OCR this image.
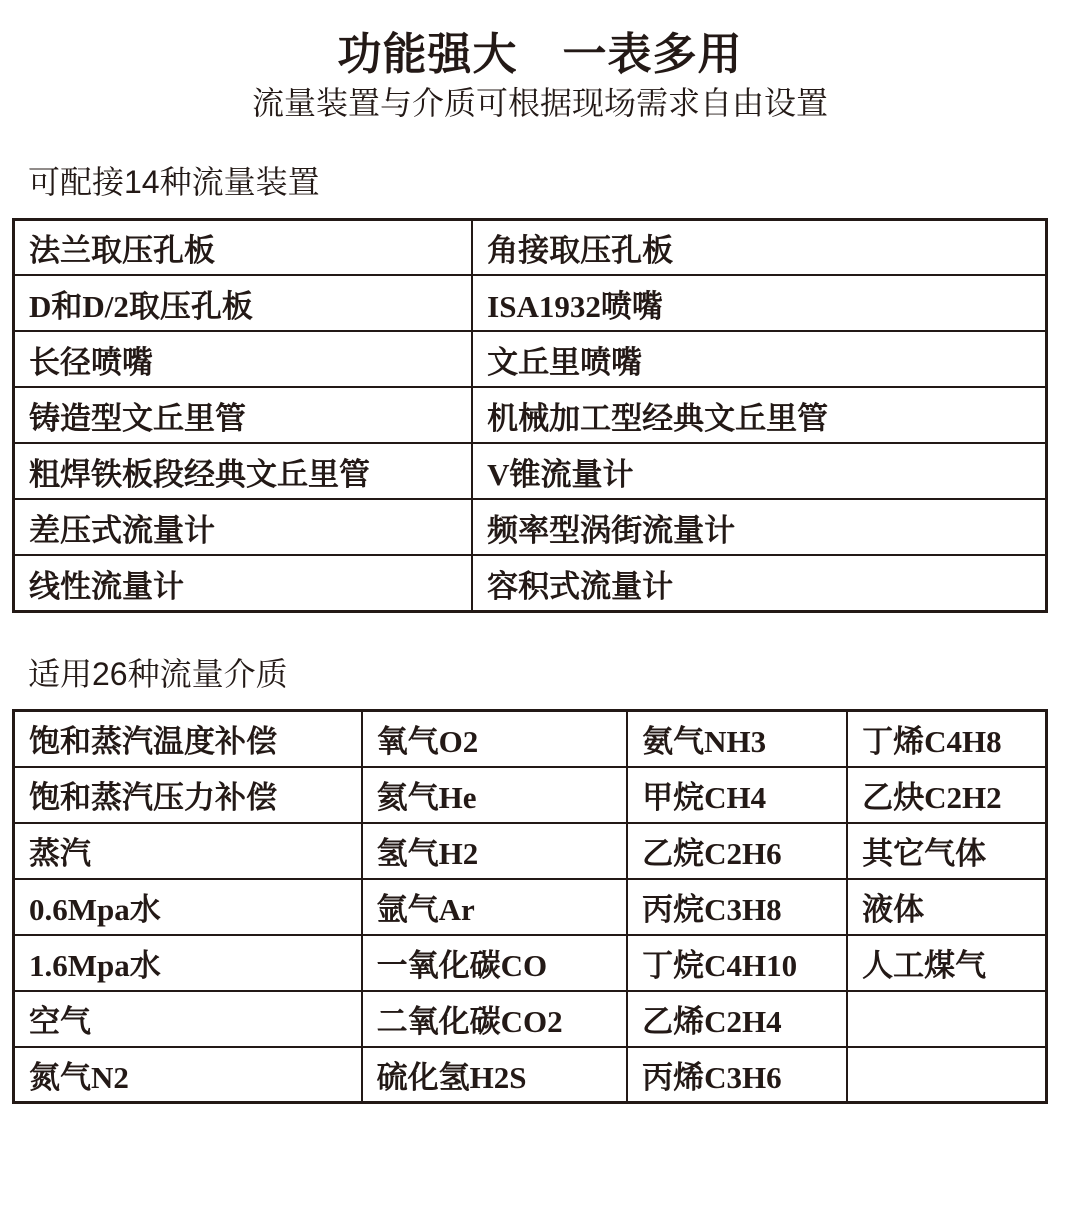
功能强大　一表多用
流量装置与介质可根据现场需求自由设置
可配接14种流量装置
法兰取压孔板	角接取压孔板
D和D/2取压孔板	ISA1932喷嘴
长径喷嘴	文丘里喷嘴
铸造型文丘里管	机械加工型经典文丘里管
粗焊铁板段经典文丘里管	V锥流量计
差压式流量计	频率型涡街流量计
线性流量计	容积式流量计
适用26种流量介质
饱和蒸汽温度补偿	氧气O2	氨气NH3	丁烯C4H8
饱和蒸汽压力补偿	氦气He	甲烷CH4	乙炔C2H2
蒸汽	氢气H2	乙烷C2H6	其它气体
0.6Mpa水	氩气Ar	丙烷C3H8	液体
1.6Mpa水	一氧化碳CO	丁烷C4H10	人工煤气
空气	二氧化碳CO2	乙烯C2H4	
氮气N2	硫化氢H2S	丙烯C3H6	
